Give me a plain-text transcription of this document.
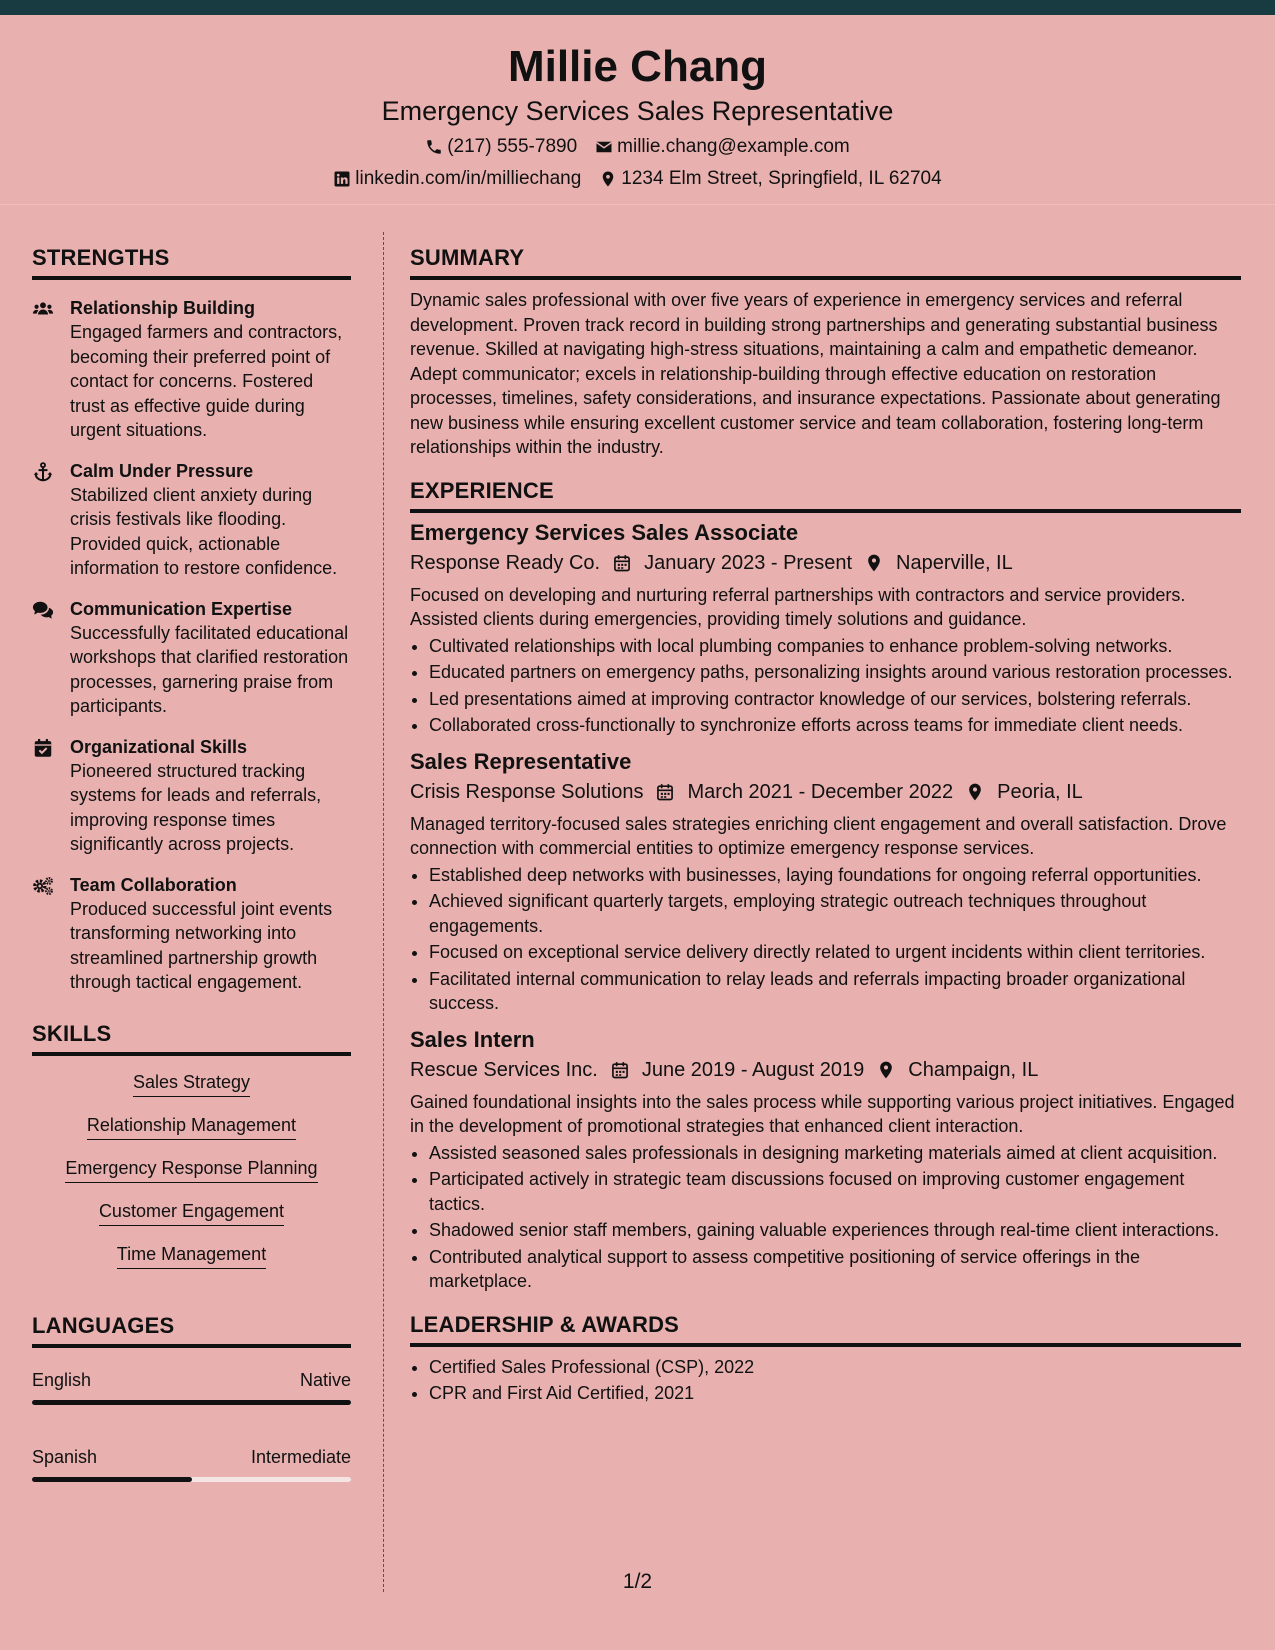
Millie Chang
Emergency Services Sales Representative
(217) 555-7890 millie.chang@example.com
linkedin.com/in/milliechang 1234 Elm Street, Springfield, IL 62704
STRENGTHS
Relationship Building
Engaged farmers and contractors, becoming their preferred point of contact for concerns. Fostered trust as effective guide during urgent situations.
Calm Under Pressure
Stabilized client anxiety during crisis festivals like flooding. Provided quick, actionable information to restore confidence.
Communication Expertise
Successfully facilitated educational workshops that clarified restoration processes, garnering praise from participants.
Organizational Skills
Pioneered structured tracking systems for leads and referrals, improving response times significantly across projects.
Team Collaboration
Produced successful joint events transforming networking into streamlined partnership growth through tactical engagement.
SKILLS
Sales Strategy
Relationship Management
Emergency Response Planning
Customer Engagement
Time Management
LANGUAGES
English	Native
Spanish	Intermediate
SUMMARY
Dynamic sales professional with over five years of experience in emergency services and referral development. Proven track record in building strong partnerships and generating substantial business revenue. Skilled at navigating high-stress situations, maintaining a calm and empathetic demeanor. Adept communicator; excels in relationship-building through effective education on restoration processes, timelines, safety considerations, and insurance expectations. Passionate about generating new business while ensuring excellent customer service and team collaboration, fostering long-term relationships within the industry.
EXPERIENCE
Emergency Services Sales Associate
Response Ready Co. January 2023 - Present Naperville, IL
Focused on developing and nurturing referral partnerships with contractors and service providers. Assisted clients during emergencies, providing timely solutions and guidance.
• Cultivated relationships with local plumbing companies to enhance problem-solving networks.
• Educated partners on emergency paths, personalizing insights around various restoration processes.
• Led presentations aimed at improving contractor knowledge of our services, bolstering referrals.
• Collaborated cross-functionally to synchronize efforts across teams for immediate client needs.
Sales Representative
Crisis Response Solutions March 2021 - December 2022 Peoria, IL
Managed territory-focused sales strategies enriching client engagement and overall satisfaction. Drove connection with commercial entities to optimize emergency response services.
• Established deep networks with businesses, laying foundations for ongoing referral opportunities.
• Achieved significant quarterly targets, employing strategic outreach techniques throughout engagements.
• Focused on exceptional service delivery directly related to urgent incidents within client territories.
• Facilitated internal communication to relay leads and referrals impacting broader organizational success.
Sales Intern
Rescue Services Inc. June 2019 - August 2019 Champaign, IL
Gained foundational insights into the sales process while supporting various project initiatives. Engaged in the development of promotional strategies that enhanced client interaction.
• Assisted seasoned sales professionals in designing marketing materials aimed at client acquisition.
• Participated actively in strategic team discussions focused on improving customer engagement tactics.
• Shadowed senior staff members, gaining valuable experiences through real-time client interactions.
• Contributed analytical support to assess competitive positioning of service offerings in the marketplace.
LEADERSHIP & AWARDS
• Certified Sales Professional (CSP), 2022
• CPR and First Aid Certified, 2021
1/2
